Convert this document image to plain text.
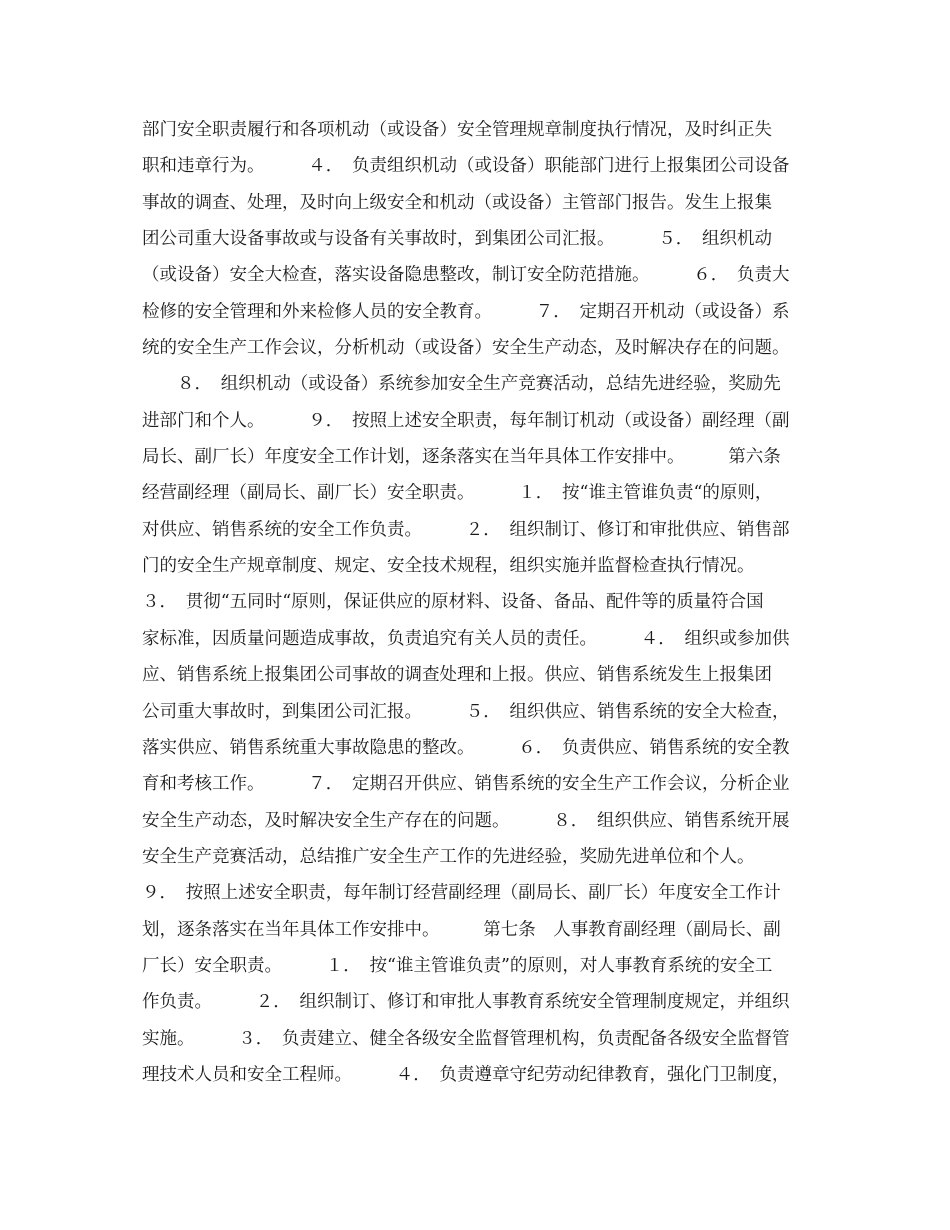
部门安全职责履行和各项机动（或设备）安全管理规章制度执行情况，及时纠正失
职和违章行为。　　　４．　负责组织机动（或设备）职能部门进行上报集团公司设备
事故的调查、处理，及时向上级安全和机动（或设备）主管部门报告。发生上报集
团公司重大设备事故或与设备有关事故时，到集团公司汇报。　　　５．　组织机动
（或设备）安全大检查，落实设备隐患整改，制订安全防范措施。　　　６．　负责大
检修的安全管理和外来检修人员的安全教育。　　　７．　定期召开机动（或设备）系
统的安全生产工作会议，分析机动（或设备）安全生产动态，及时解决存在的问题。
　　８．　组织机动（或设备）系统参加安全生产竞赛活动，总结先进经验，奖励先
进部门和个人。　　　９．　按照上述安全职责，每年制订机动（或设备）副经理（副
局长、副厂长）年度安全工作计划，逐条落实在当年具体工作安排中。　　　第六条　
经营副经理（副局长、副厂长）安全职责。　　　１．　按“谁主管谁负责“的原则，
对供应、销售系统的安全工作负责。　　　２．　组织制订、修订和审批供应、销售部
门的安全生产规章制度、规定、安全技术规程，组织实施并监督检查执行情况。　　
３．　贯彻“五同时“原则，保证供应的原材料、设备、备品、配件等的质量符合国
家标准，因质量问题造成事故，负责追究有关人员的责任。　　　４．　组织或参加供
应、销售系统上报集团公司事故的调查处理和上报。供应、销售系统发生上报集团
公司重大事故时，到集团公司汇报。　　　５．　组织供应、销售系统的安全大检查，
落实供应、销售系统重大事故隐患的整改。　　　６．　负责供应、销售系统的安全教
育和考核工作。　　　７．　定期召开供应、销售系统的安全生产工作会议，分析企业
安全生产动态，及时解决安全生产存在的问题。　　　８．　组织供应、销售系统开展
安全生产竞赛活动，总结推广安全生产工作的先进经验，奖励先进单位和个人。　　
９．　按照上述安全职责，每年制订经营副经理（副局长、副厂长）年度安全工作计
划，逐条落实在当年具体工作安排中。　　　第七条　人事教育副经理（副局长、副
厂长）安全职责。　　　１．　按“谁主管谁负责”的原则，对人事教育系统的安全工
作负责。　　　２．　组织制订、修订和审批人事教育系统安全管理制度规定，并组织
实施。　　　３．　负责建立、健全各级安全监督管理机构，负责配备各级安全监督管
理技术人员和安全工程师。　　　４．　负责遵章守纪劳动纪律教育，强化门卫制度，
